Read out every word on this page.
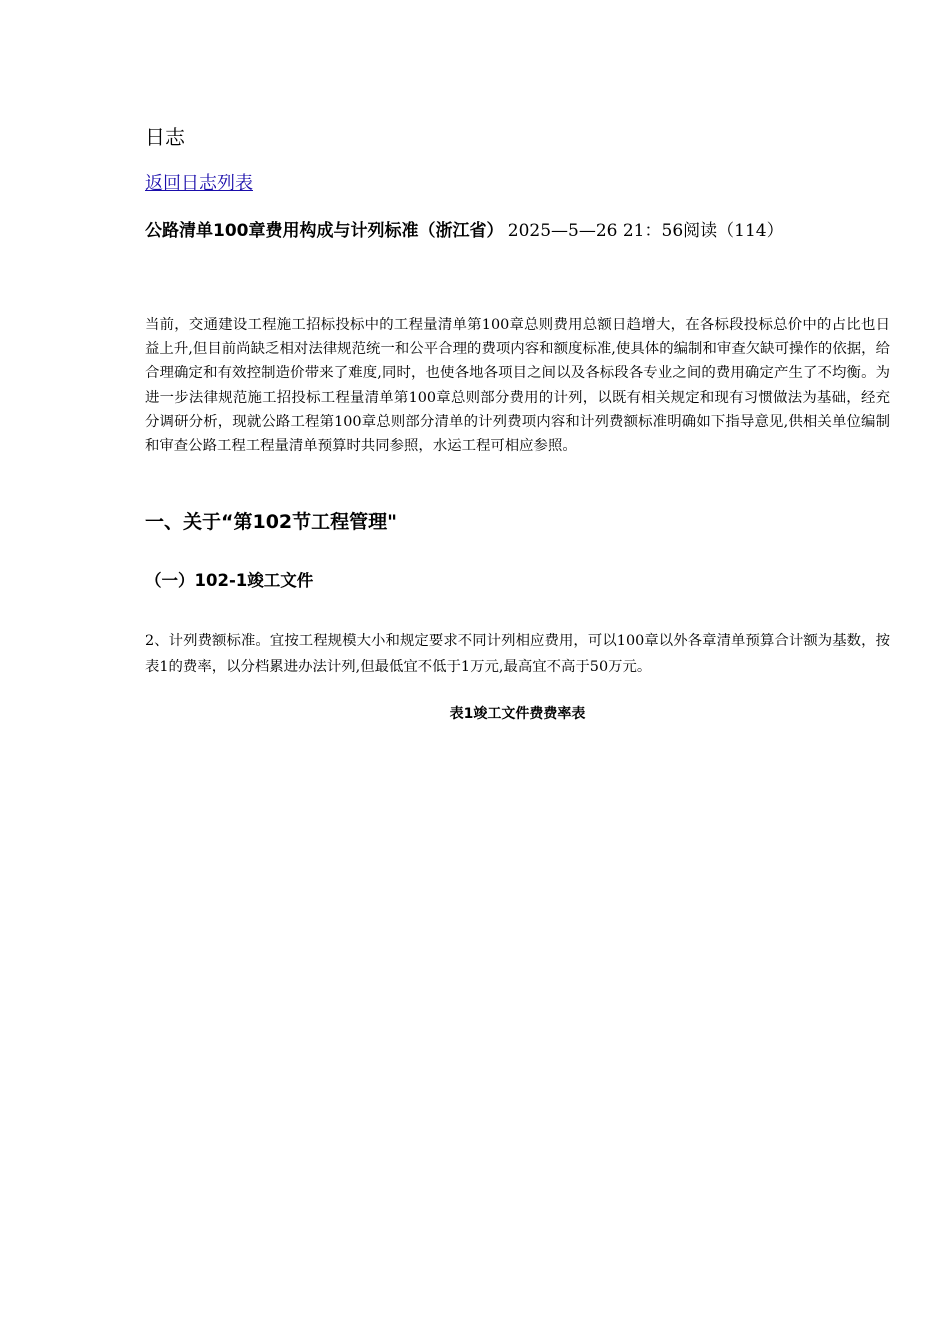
日志
返回日志列表
公路清单100章费用构成与计列标准（浙江省） 2025—5—26 21：56阅读（114）

当前，交通建设工程施工招标投标中的工程量清单第100章总则费用总额日趋增大，在各标段投标总价中的占比也日益上升,但目前尚缺乏相对法律规范统一和公平合理的费项内容和额度标准,使具体的编制和审查欠缺可操作的依据，给合理确定和有效控制造价带来了难度,同时，也使各地各项目之间以及各标段各专业之间的费用确定产生了不均衡。为进一步法律规范施工招投标工程量清单第100章总则部分费用的计列，以既有相关规定和现有习惯做法为基础，经充分调研分析，现就公路工程第100章总则部分清单的计列费项内容和计列费额标准明确如下指导意见,供相关单位编制和审查公路工程工程量清单预算时共同参照，水运工程可相应参照。

一、关于“第102节工程管理"
（一）102-1竣工文件

2、计列费额标准。宜按工程规模大小和规定要求不同计列相应费用，可以100章以外各章清单预算合计额为基数，按表1的费率，以分档累进办法计列,但最低宜不低于1万元,最高宜不高于50万元。

表1竣工文件费费率表
